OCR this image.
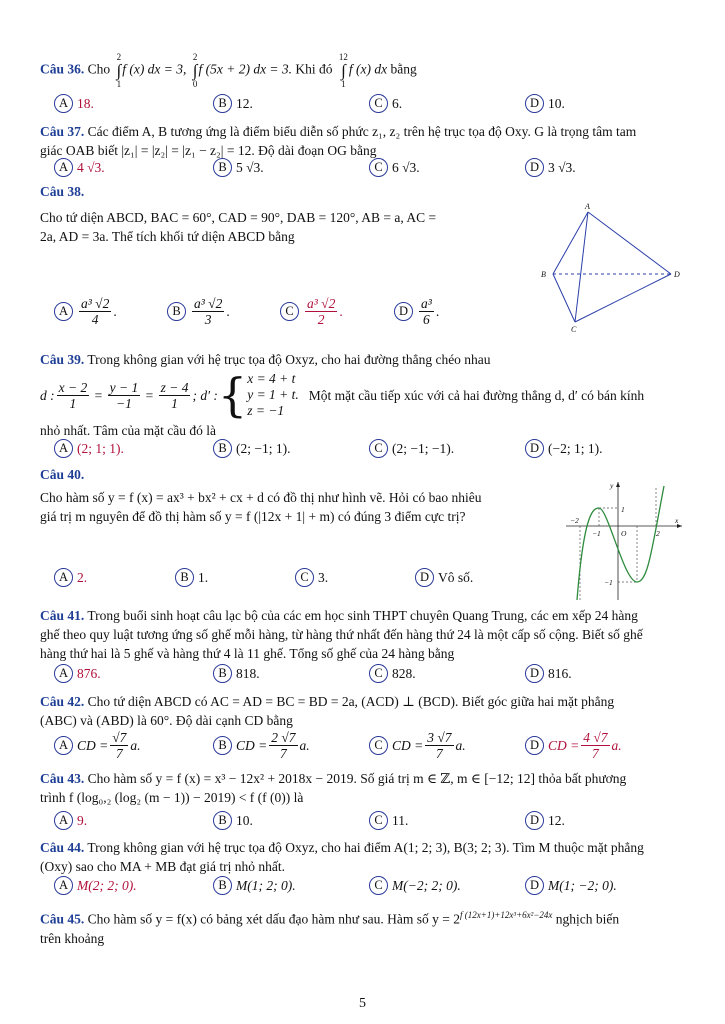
Câu 36. Cho
2
∫
1
f (x) dx = 3,
2
∫
0
f (5x + 2) dx = 3. Khi đó
12
∫
1
f (x) dx bằng
A 18.	B 12.	C 6.	D 10.
Câu 37. Các điểm A, B tương ứng là điểm biểu diễn số phức z₁, z₂ trên hệ trục tọa độ Oxy. G là trọng tâm tam
giác OAB biết |z₁| = |z₂| = |z₁ − z₂| = 12. Độ dài đoạn OG bằng
A 4 √3.	B 5 √3.	C 6 √3.	D 3 √3.
Câu 38.
Cho tứ diện ABCD, BAC = 60°, CAD = 90°, DAB = 120°, AB = a, AC =
2a, AD = 3a. Thể tích khối tứ diện ABCD bằng
A
B
C
D
A $\frac{\text{a³ √2}}{4}$ .	B $\frac{\text{a³ √2}}{3}$ .	C $\frac{\text{a³ √2}}{2}$ .	D $\frac{\text{a³}}{6}$ .
Câu 39. Trong không gian với hệ trục tọa độ Oxyz, cho hai đường thẳng chéo nhau
d : $\frac{x - 2}{1} = \frac{y - 1}{-1} = \frac{z - 4}{1}$ ; d′ : { x = 4 + t
y = 1 + t.
z = −1
Một mặt cầu tiếp xúc với cả hai đường thẳng d, d′ có bán kính
nhỏ nhất. Tâm của mặt cầu đó là
A (2; 1; 1).	B (2; −1; 1).	C (2; −1; −1).	D (−2; 1; 1).
Câu 40.
Cho hàm số y = f (x) = ax³ + bx² + cx + d có đồ thị như hình vẽ. Hỏi có bao nhiêu
giá trị m nguyên để đồ thị hàm số y = f (|12x + 1| + m) có đúng 3 điểm cực trị?
y
x
O
1
−1	2
−2
−1
A 2.	B 1.	C 3.	D Vô số.
Câu 41. Trong buổi sinh hoạt câu lạc bộ của các em học sinh THPT chuyên Quang Trung, các em xếp 24 hàng
ghế theo quy luật tương ứng số ghế mỗi hàng, từ hàng thứ nhất đến hàng thứ 24 là một cấp số cộng. Biết số ghế
hàng thứ hai là 5 ghế và hàng thứ 4 là 11 ghế. Tổng số ghế của 24 hàng bằng
A 876.	B 818.	C 828.	D 816.
Câu 42. Cho tứ diện ABCD có AC = AD = BC = BD = 2a, (ACD) ⊥ (BCD). Biết góc giữa hai mặt phẳng
(ABC) và (ABD) là 60°. Độ dài cạnh CD bằng
A CD = $\frac{√7}{7} a$.	B CD = $\frac{2 √7}{7} a$.	C CD = $\frac{3 √7}{7} a$.	D CD = $\frac{4 √7}{7} a$.
Câu 43. Cho hàm số y = f (x) = x³ − 12x² + 2018x − 2019. Số giá trị m ∈ ℤ, m ∈ [−12; 12] thỏa bất phương
trình f (log₀,₂ (log₂ (m − 1)) − 2019) < f (f (0)) là
A 9.	B 10.	C 11.	D 12.
Câu 44. Trong không gian với hệ trục tọa độ Oxyz, cho hai điểm A(1; 2; 3), B(3; 2; 3). Tìm M thuộc mặt phẳng
(Oxy) sao cho MA + MB đạt giá trị nhỏ nhất.
A M(2; 2; 0).	B M(1; 2; 0).	C M(−2; 2; 0).	D M(1; −2; 0).
Câu 45. Cho hàm số y = f(x) có bảng xét dấu đạo hàm như sau. Hàm số $y = 2^{f (12x+1)+12x^3+6x^2-24x}$ nghịch biến
trên khoảng
5
